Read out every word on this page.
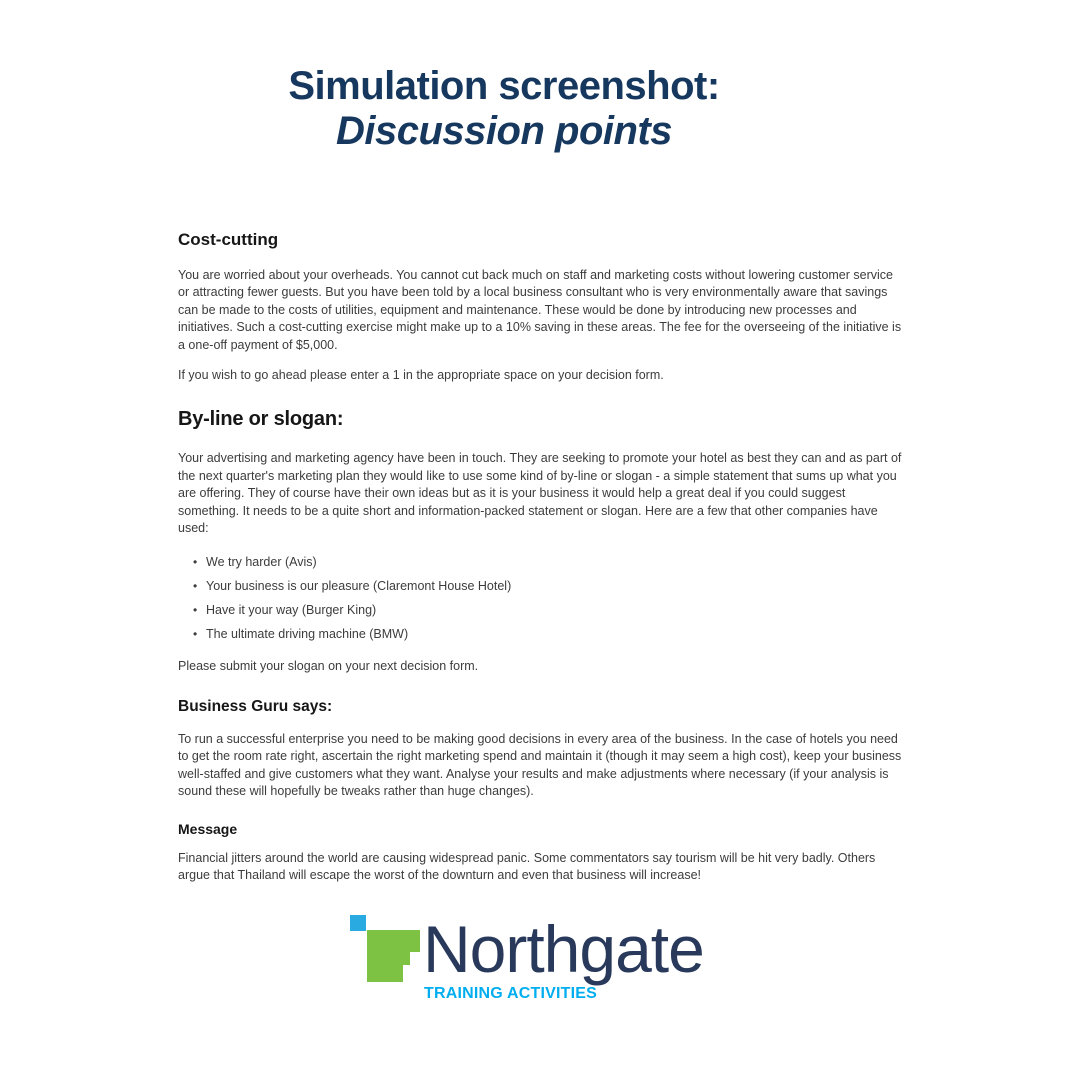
Simulation screenshot:
Discussion points
Cost-cutting

You are worried about your overheads. You cannot cut back much on staff and marketing costs without lowering customer service or attracting fewer guests. But you have been told by a local business consultant who is very environmentally aware that savings can be made to the costs of utilities, equipment and maintenance. These would be done by introducing new processes and initiatives. Such a cost-cutting exercise might make up to a 10% saving in these areas. The fee for the overseeing of the initiative is a one-off payment of $5,000.

If you wish to go ahead please enter a 1 in the appropriate space on your decision form.

By-line or slogan:

Your advertising and marketing agency have been in touch. They are seeking to promote your hotel as best they can and as part of the next quarter's marketing plan they would like to use some kind of by-line or slogan - a simple statement that sums up what you are offering. They of course have their own ideas but as it is your business it would help a great deal if you could suggest something. It needs to be a quite short and information-packed statement or slogan. Here are a few that other companies have used:

• We try harder (Avis)
• Your business is our pleasure (Claremont House Hotel)
• Have it your way (Burger King)
• The ultimate driving machine (BMW)

Please submit your slogan on your next decision form.

Business Guru says:

To run a successful enterprise you need to be making good decisions in every area of the business. In the case of hotels you need to get the room rate right, ascertain the right marketing spend and maintain it (though it may seem a high cost), keep your business well-staffed and give customers what they want. Analyse your results and make adjustments where necessary (if your analysis is sound these will hopefully be tweaks rather than huge changes).

Message

Financial jitters around the world are causing widespread panic. Some commentators say tourism will be hit very badly. Others argue that Thailand will escape the worst of the downturn and even that business will increase!

Northgate
TRAINING ACTIVITIES
